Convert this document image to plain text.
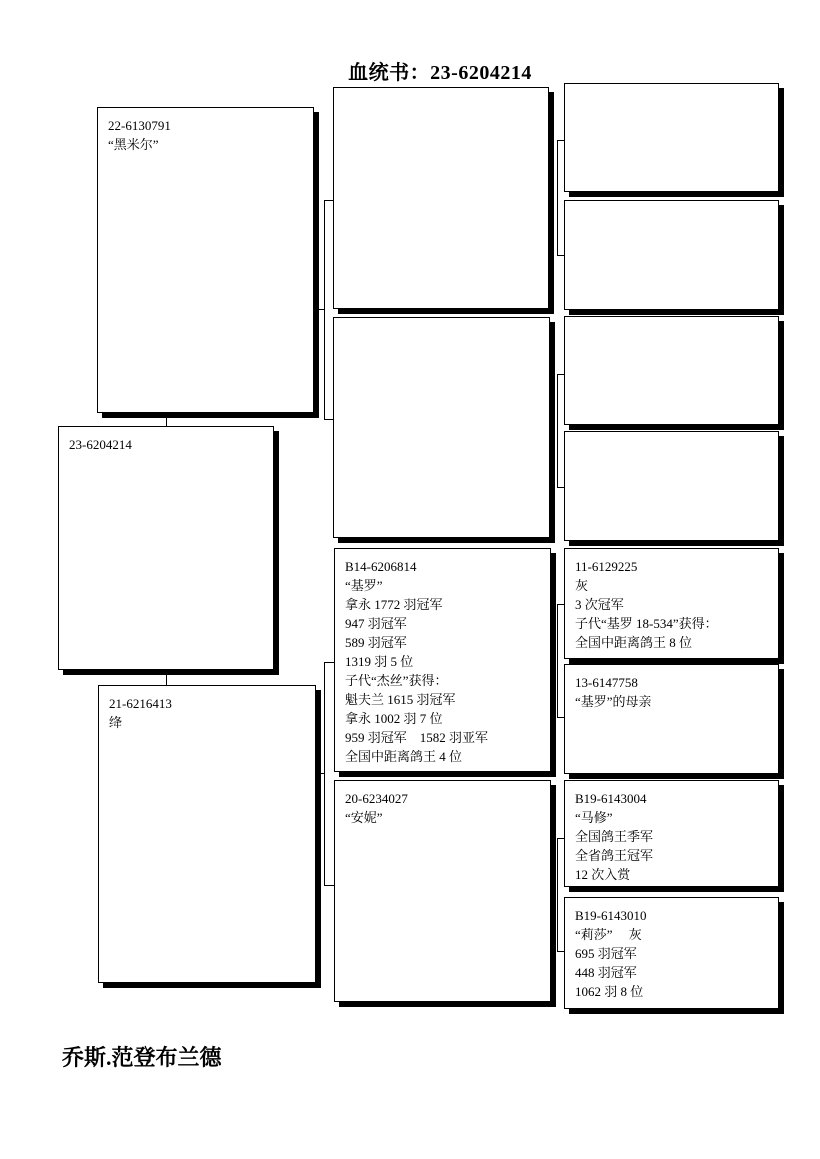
血统书：23-6204214
23-6204214
22-6130791
“黑米尔”
21-6216413
绛
B14-6206814
“基罗”
拿永 1772 羽冠军
947 羽冠军
589 羽冠军
1319 羽 5 位
子代“杰丝”获得：
魁夫兰 1615 羽冠军
拿永 1002 羽 7 位
959 羽冠军　1582 羽亚军
全国中距离鸽王 4 位
20-6234027
“安妮”
11-6129225
灰
3 次冠军
子代“基罗 18-534”获得：
全国中距离鸽王 8 位
13-6147758
“基罗”的母亲
B19-6143004
“马修”
全国鸽王季军
全省鸽王冠军
12 次入赏
B19-6143010
“莉莎”　 灰
695 羽冠军
448 羽冠军
1062 羽 8 位
乔斯.范登布兰德
